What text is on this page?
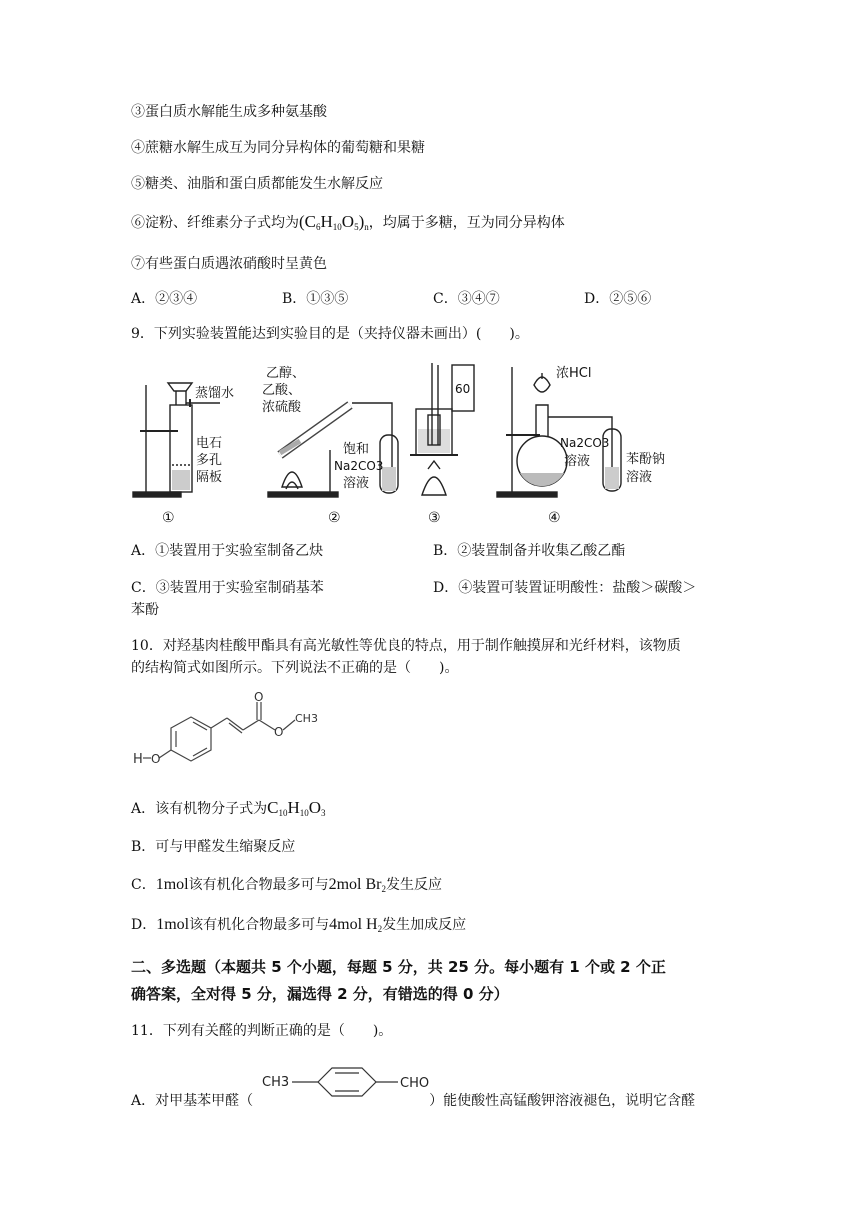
③蛋白质水解能生成多种氨基酸
④蔗糖水解生成互为同分异构体的葡萄糖和果糖
⑤糖类、油脂和蛋白质都能发生水解反应
⑥淀粉、纤维素分子式均为$(C_6H_{10}O_5)_n$，均属于多糖，互为同分异构体
⑦有些蛋白质遇浓硝酸时呈黄色
A．②③④	B．①③⑤	C．③④⑦	D．②⑤⑥
9．下列实验装置能达到实验目的是（夹持仪器未画出）(　　)。
蒸馏水
电石
多孔
隔板
①
乙醇、
乙酸、
浓硫酸
饱和
Na2CO3
溶液
②
60
③
浓HCl
Na2CO3
溶液	苯酚钠
溶液
④
A．①装置用于实验室制备乙炔	B．②装置制备并收集乙酸乙酯
C．③装置用于实验室制硝基苯	D．④装置可装置证明酸性：盐酸＞碳酸＞
苯酚
10．对羟基肉桂酸甲酯具有高光敏性等优良的特点，用于制作触摸屏和光纤材料，该物质
的结构简式如图所示。下列说法不正确的是（　　)。
O
O
CH3
H O
A．该有机物分子式为$C_{10}H_{10}O_3$
B．可与甲醛发生缩聚反应
C．1mol该有机化合物最多可与2mol $Br_2$发生反应
D．1mol该有机化合物最多可与4mol $H_2$发生加成反应
二、多选题（本题共 5 个小题，每题 5 分，共 25 分。每小题有 1 个或 2 个正
确答案，全对得 5 分，漏选得 2 分，有错选的得 0 分）
11．下列有关醛的判断正确的是（　　)。
CH3	CHO
A．对甲基苯甲醛（	）能使酸性高锰酸钾溶液褪色，说明它含醛
